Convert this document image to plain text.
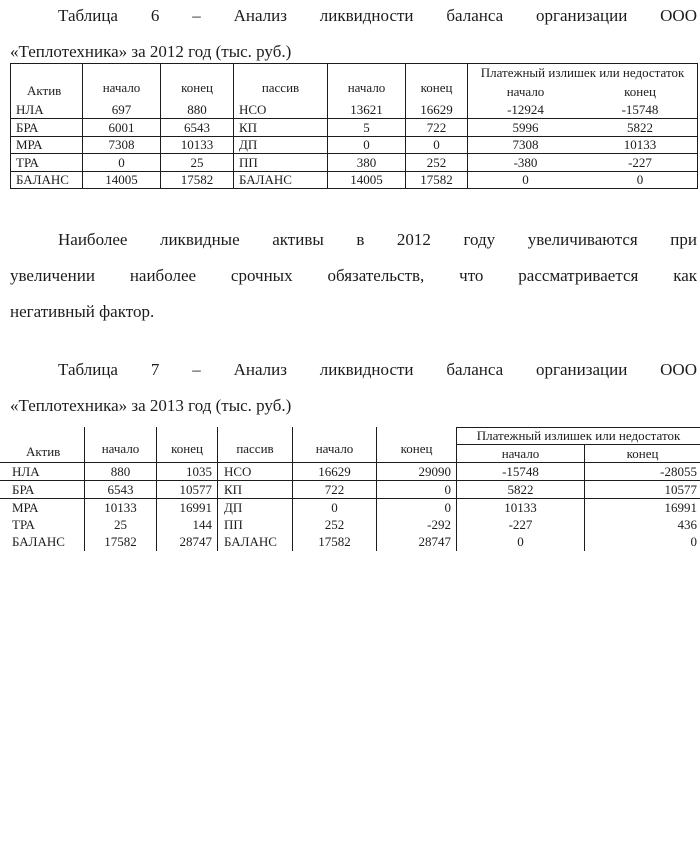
Таблица 6 – Анализ ликвидности баланса организации ООО
«Теплотехника» за 2012 год (тыс. руб.)
Актив	начало	конец	пассив	начало	конец	Платежный излишек или недостаток	
						начало	конец
НЛА	697	880	НСО	13621	16629	-12924	-15748
БРА	6001	6543	КП	5	722	5996	5822
МРА	7308	10133	ДП	0	0	7308	10133
ТРА	0	25	ПП	380	252	-380	-227
БАЛАНС	14005	17582	БАЛАНС	14005	17582	0	0
Наиболее ликвидные активы в 2012 году увеличиваются при
увеличении наиболее срочных обязательств, что рассматривается как
негативный фактор.
Таблица 7 – Анализ ликвидности баланса организации ООО
«Теплотехника» за 2013 год (тыс. руб.)
Актив	начало	конец	пассив	начало	конец	Платежный излишек или недостаток	
						начало	конец
НЛА	880	1035	НСО	16629	29090	-15748	-28055
БРА	6543	10577	КП	722	0	5822	10577
МРА	10133	16991	ДП	0	0	10133	16991
ТРА	25	144	ПП	252	-292	-227	436
БАЛАНС	17582	28747	БАЛАНС	17582	28747	0	0
